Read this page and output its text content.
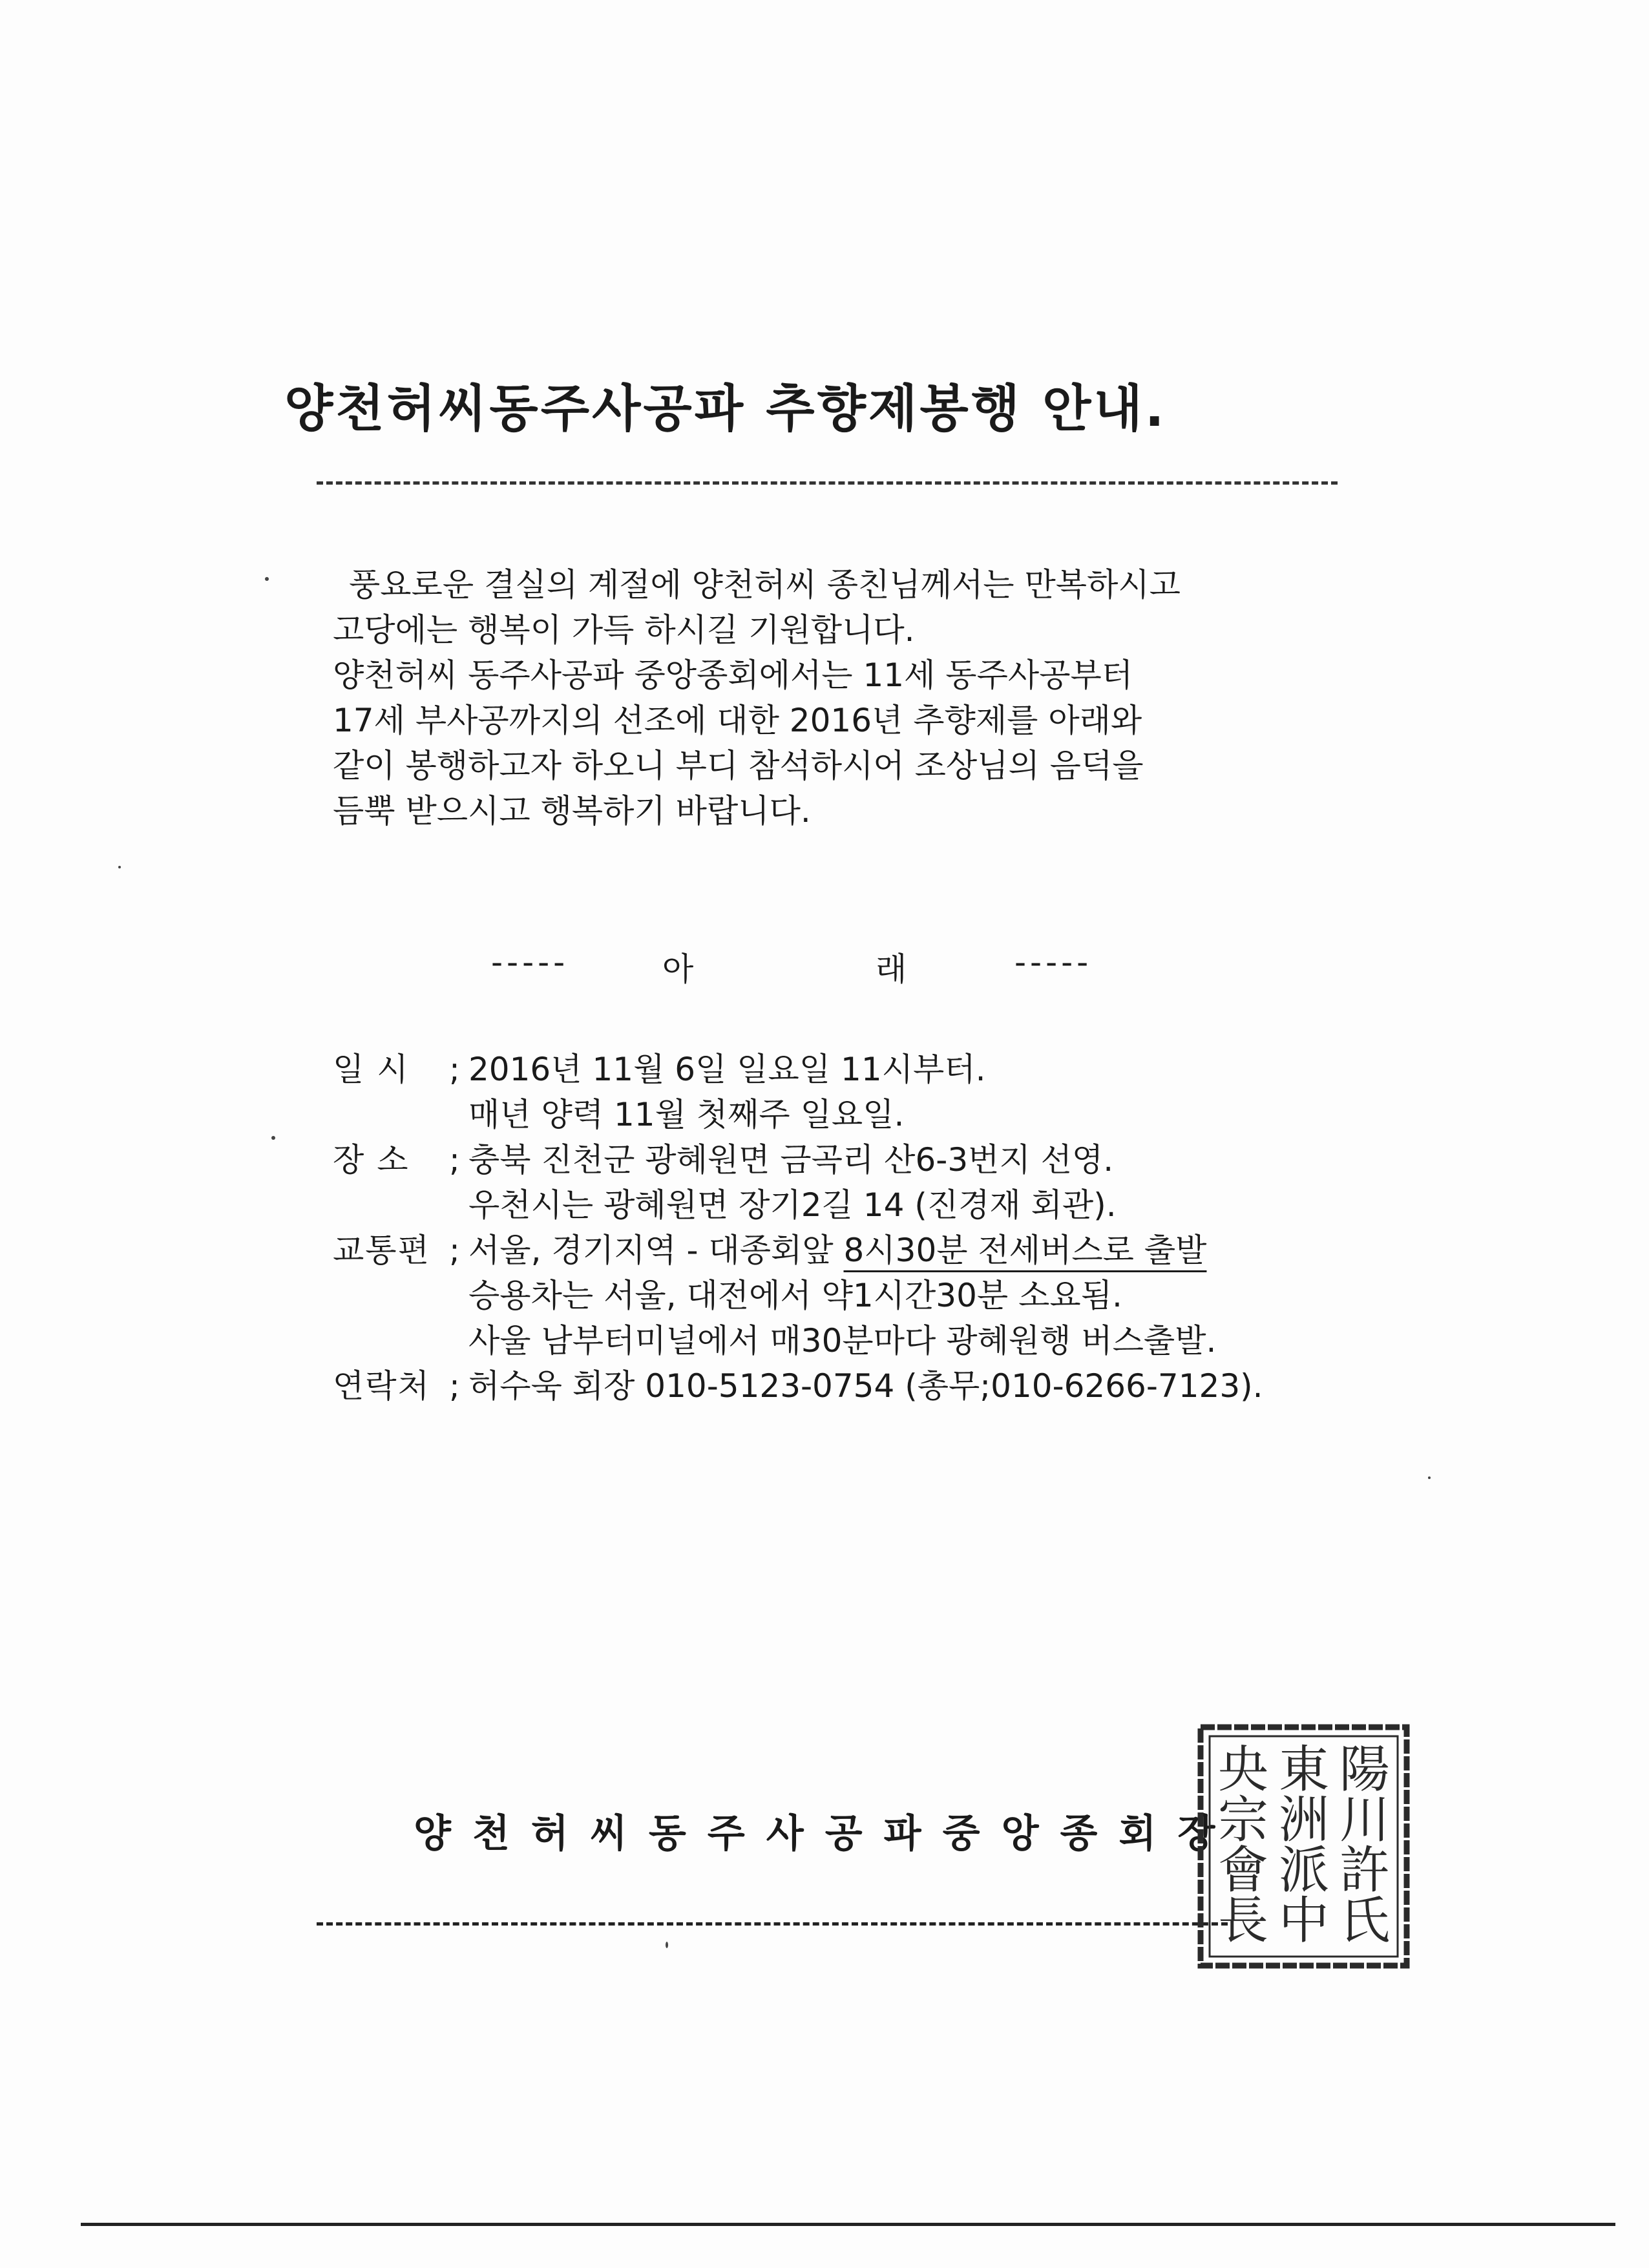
양천허씨동주사공파 추향제봉행 안내.
풍요로운 결실의 계절에 양천허씨 종친님께서는 만복하시고
고당에는 행복이 가득 하시길 기원합니다.
양천허씨 동주사공파 중앙종회에서는 11세 동주사공부터
17세 부사공까지의 선조에 대한 2016년 추향제를 아래와
같이 봉행하고자 하오니 부디 참석하시어 조상님의 음덕을
듬뿍 받으시고 행복하기 바랍니다.
-----	아	래	-----
일 시	; 2016년 11월 6일 일요일 11시부터.
매년 양력 11월 첫째주 일요일.
장 소	; 충북 진천군 광혜원면 금곡리 산6-3번지 선영.
우천시는 광혜원면 장기2길 14 (진경재 회관).
교통편 ; 서울, 경기지역 - 대종회앞 8시30분 전세버스로 출발
승용차는 서울, 대전에서 약1시간30분 소요됨.
사울 남부터미널에서 매30분마다 광혜원행 버스출발.
연락처 ; 허수욱 회장 010-5123-0754 (총무;010-6266-7123).
양천허씨동주사공파중앙종회장
陽
川
許
氏
東
洲
派
中
央
宗
會
長
